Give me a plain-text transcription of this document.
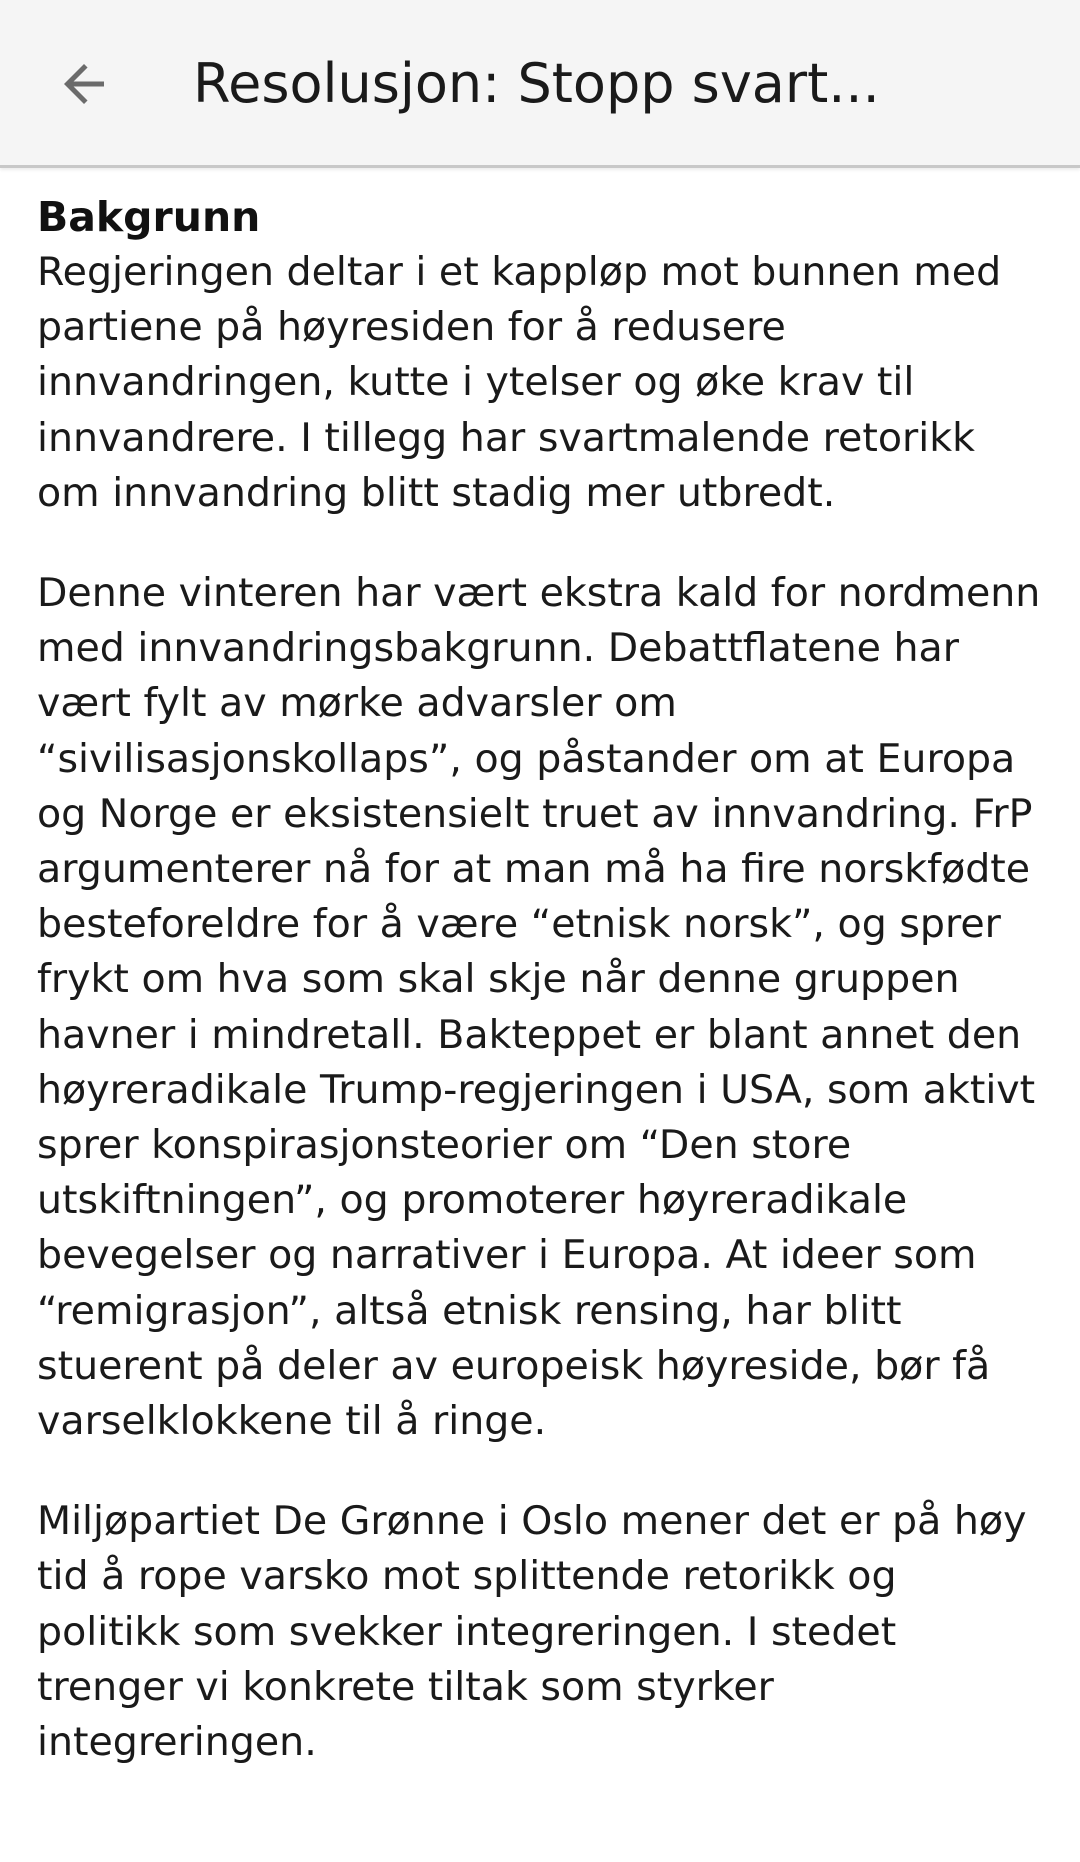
Resolusjon: Stopp svart...

Bakgrunn

Regjeringen deltar i et kappløp mot bunnen med partiene på høyresiden for å redusere innvandringen, kutte i ytelser og øke krav til innvandrere. I tillegg har svartmalende retorikk om innvandring blitt stadig mer utbredt.

Denne vinteren har vært ekstra kald for nordmenn med innvandringsbakgrunn. Debattflatene har vært fylt av mørke advarsler om “sivilisasjonskollaps”, og påstander om at Europa og Norge er eksistensielt truet av innvandring. FrP argumenterer nå for at man må ha fire norskfødte besteforeldre for å være “etnisk norsk”, og sprer frykt om hva som skal skje når denne gruppen havner i mindretall. Bakteppet er blant annet den høyreradikale Trump-regjeringen i USA, som aktivt sprer konspirasjonsteorier om “Den store utskiftningen”, og promoterer høyreradikale bevegelser og narrativer i Europa. At ideer som “remigrasjon”, altså etnisk rensing, har blitt stuerent på deler av europeisk høyreside, bør få varselklokkene til å ringe.

Miljøpartiet De Grønne i Oslo mener det er på høy tid å rope varsko mot splittende retorikk og politikk som svekker integreringen. I stedet trenger vi konkrete tiltak som styrker integreringen.
